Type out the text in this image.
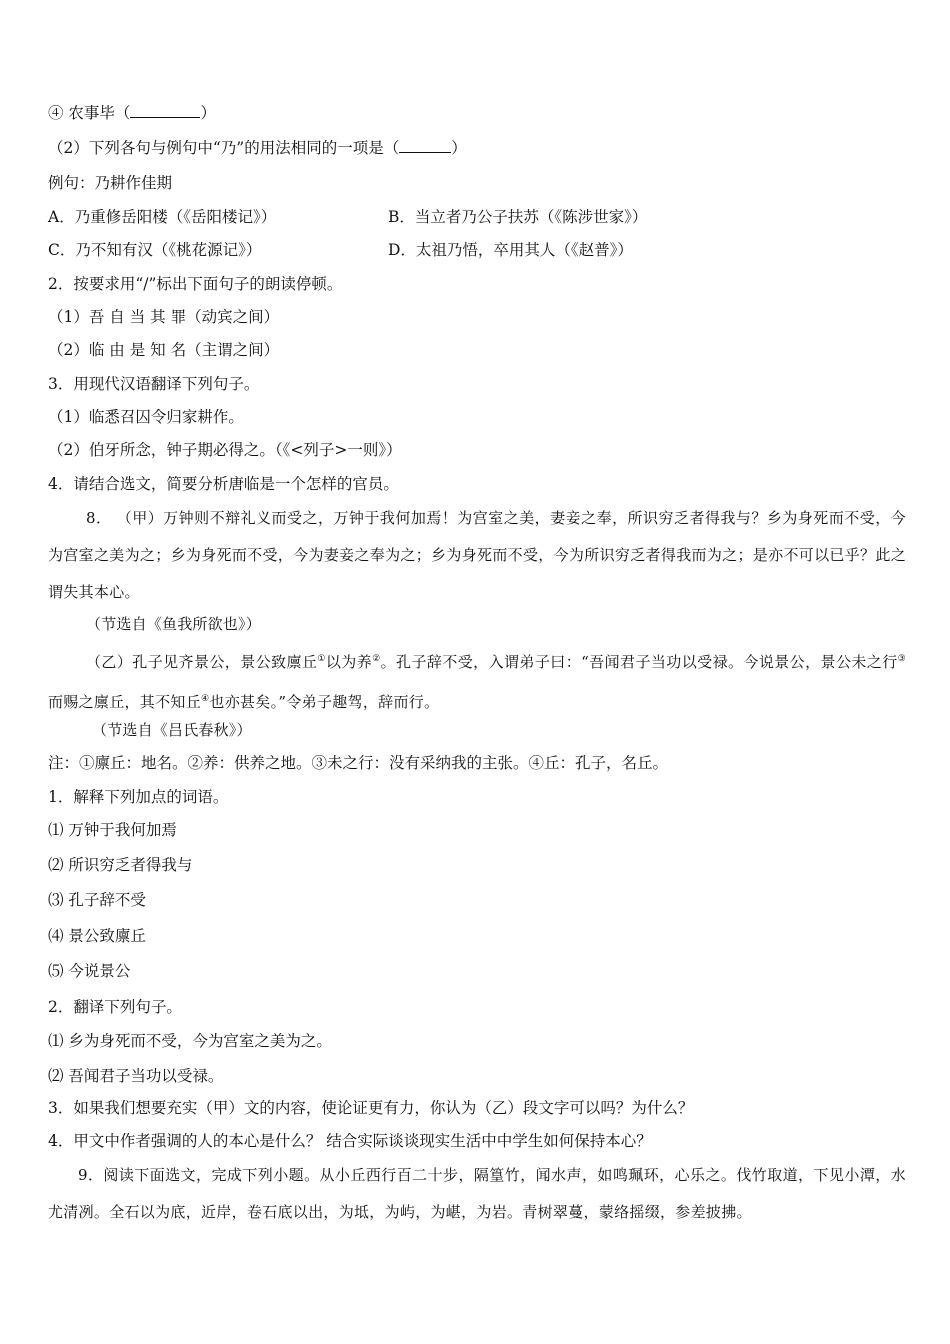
④ 农事毕（	）
（2）下列各句与例句中“乃”的用法相同的一项是（	）
例句：乃耕作佳期
A．乃重修岳阳楼（《岳阳楼记》）	B．当立者乃公子扶苏（《陈涉世家》）
C．乃不知有汉（《桃花源记》）	D．太祖乃悟，卒用其人（《赵普》）
2．按要求用“/”标出下面句子的朗读停顿。
（1）吾 自 当 其 罪（动宾之间）
（2）临 由 是 知 名（主谓之间）
3．用现代汉语翻译下列句子。
（1）临悉召囚令归家耕作。
（2）伯牙所念，钟子期必得之。（《<列子>一则》）
4．请结合选文，简要分析唐临是一个怎样的官员。
8． （甲）万钟则不辩礼义而受之，万钟于我何加焉！为宫室之美，妻妾之奉，所识穷乏者得我与？乡为身死而不受，今为宫室之美为之；乡为身死而不受，今为妻妾之奉为之；乡为身死而不受，今为所识穷乏者得我而为之；是亦不可以已乎？此之谓失其本心。
（节选自《鱼我所欲也》）
（乙）孔子见齐景公，景公致廪丘①以为养②。孔子辞不受，入谓弟子曰：“吾闻君子当功以受禄。今说景公，景公未之行③而赐之廪丘，其不知丘④也亦甚矣。”令弟子趣驾，辞而行。
（节选自《吕氏春秋》）
注：①廪丘：地名。②养：供养之地。③未之行：没有采纳我的主张。④丘：孔子，名丘。
1．解释下列加点的词语。
⑴ 万钟于我何加焉
⑵ 所识穷乏者得我与
⑶ 孔子辞不受
⑷ 景公致廪丘
⑸ 今说景公
2．翻译下列句子。
⑴ 乡为身死而不受，今为宫室之美为之。
⑵ 吾闻君子当功以受禄。
3．如果我们想要充实（甲）文的内容，使论证更有力，你认为（乙）段文字可以吗？为什么？
4．甲文中作者强调的人的本心是什么？ 结合实际谈谈现实生活中中学生如何保持本心？
9．阅读下面选文，完成下列小题。从小丘西行百二十步，隔篁竹，闻水声，如鸣珮环，心乐之。伐竹取道，下见小潭，水尤清冽。全石以为底，近岸，卷石底以出，为坻，为屿，为嵁，为岩。青树翠蔓，蒙络摇缀，参差披拂。
